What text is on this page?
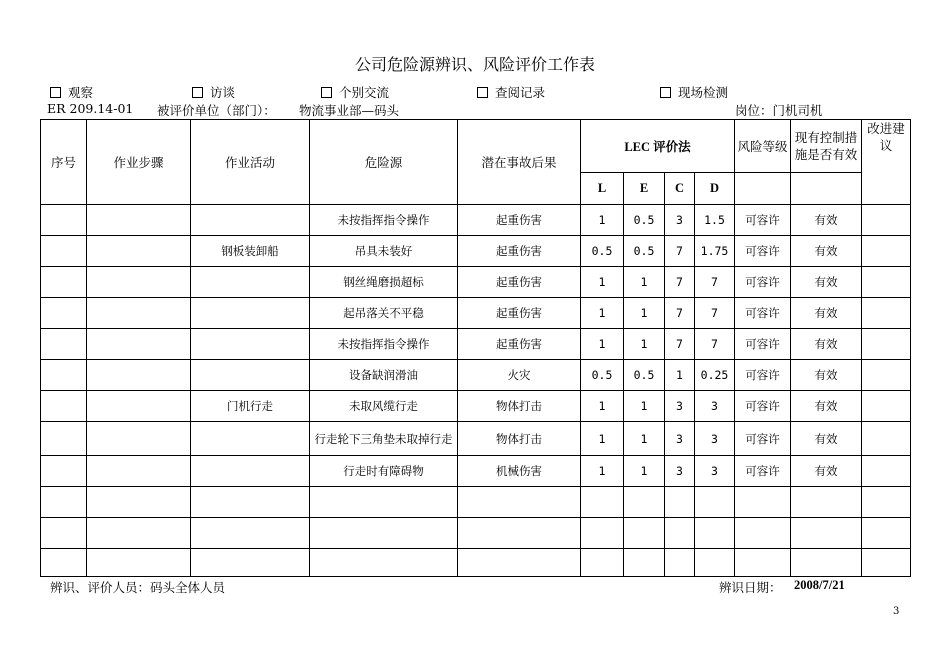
公司危险源辨识、风险评价工作表
观察	访谈	个别交流	查阅记录	现场检测
ER 209.14-01 被评价单位（部门）： 物流事业部—码头	岗位：门机司机
序号	作业步骤	作业活动	危险源	潜在事故后果	LEC 评价法				风险等级	现有控制措施是否有效	改进建议
					L	E	C	D			
			未按指挥指令操作	起重伤害	1	0.5	3	1.5	可容许	有效	
		钢板装卸船	吊具未装好	起重伤害	0.5	0.5	7	1.75	可容许	有效	
			钢丝绳磨损超标	起重伤害	1	1	7	7	可容许	有效	
			起吊落关不平稳	起重伤害	1	1	7	7	可容许	有效	
			未按指挥指令操作	起重伤害	1	1	7	7	可容许	有效	
			设备缺润滑油	火灾	0.5	0.5	1	0.25	可容许	有效	
		门机行走	未取风缆行走	物体打击	1	1	3	3	可容许	有效	
			行走轮下三角垫未取掉行走	物体打击	1	1	3	3	可容许	有效	
			行走时有障碍物	机械伤害	1	1	3	3	可容许	有效	

辨识、评价人员：码头全体人员	辨识日期： 2008/7/21
3
